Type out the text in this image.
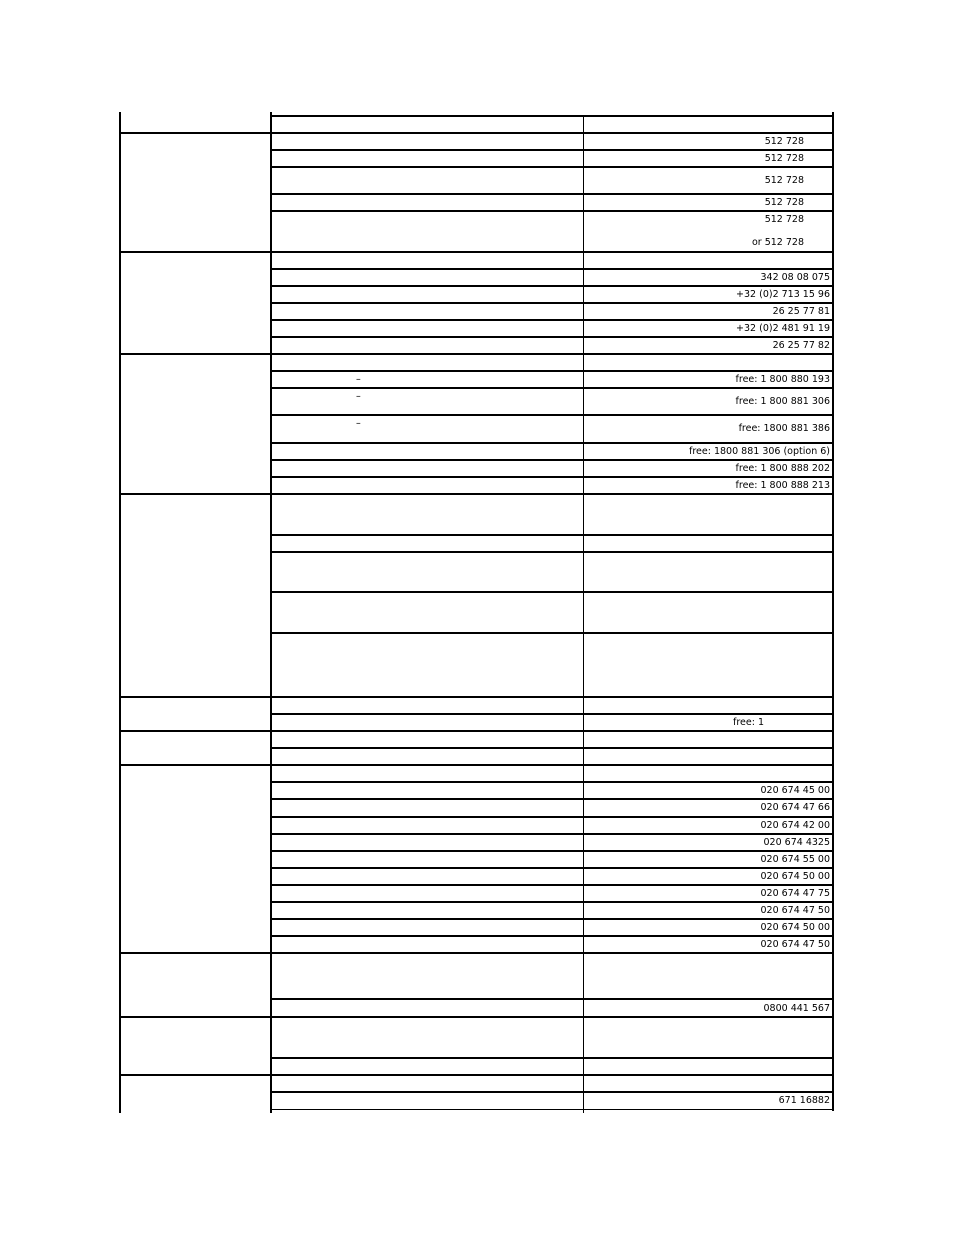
512 728
512 728
512 728
512 728
512 728
or 512 728
342 08 08 075
+32 (0)2 713 15 96
26 25 77 81
+32 (0)2 481 91 19
26 25 77 82
–
–
–
free: 1 800 880 193
free: 1 800 881 306
free: 1800 881 386
free: 1800 881 306 (option 6)
free: 1 800 888 202
free: 1 800 888 213
free: 1
020 674 45 00
020 674 47 66
020 674 42 00
020 674 4325
020 674 55 00
020 674 50 00
020 674 47 75
020 674 47 50
020 674 50 00
020 674 47 50
0800 441 567
671 16882
